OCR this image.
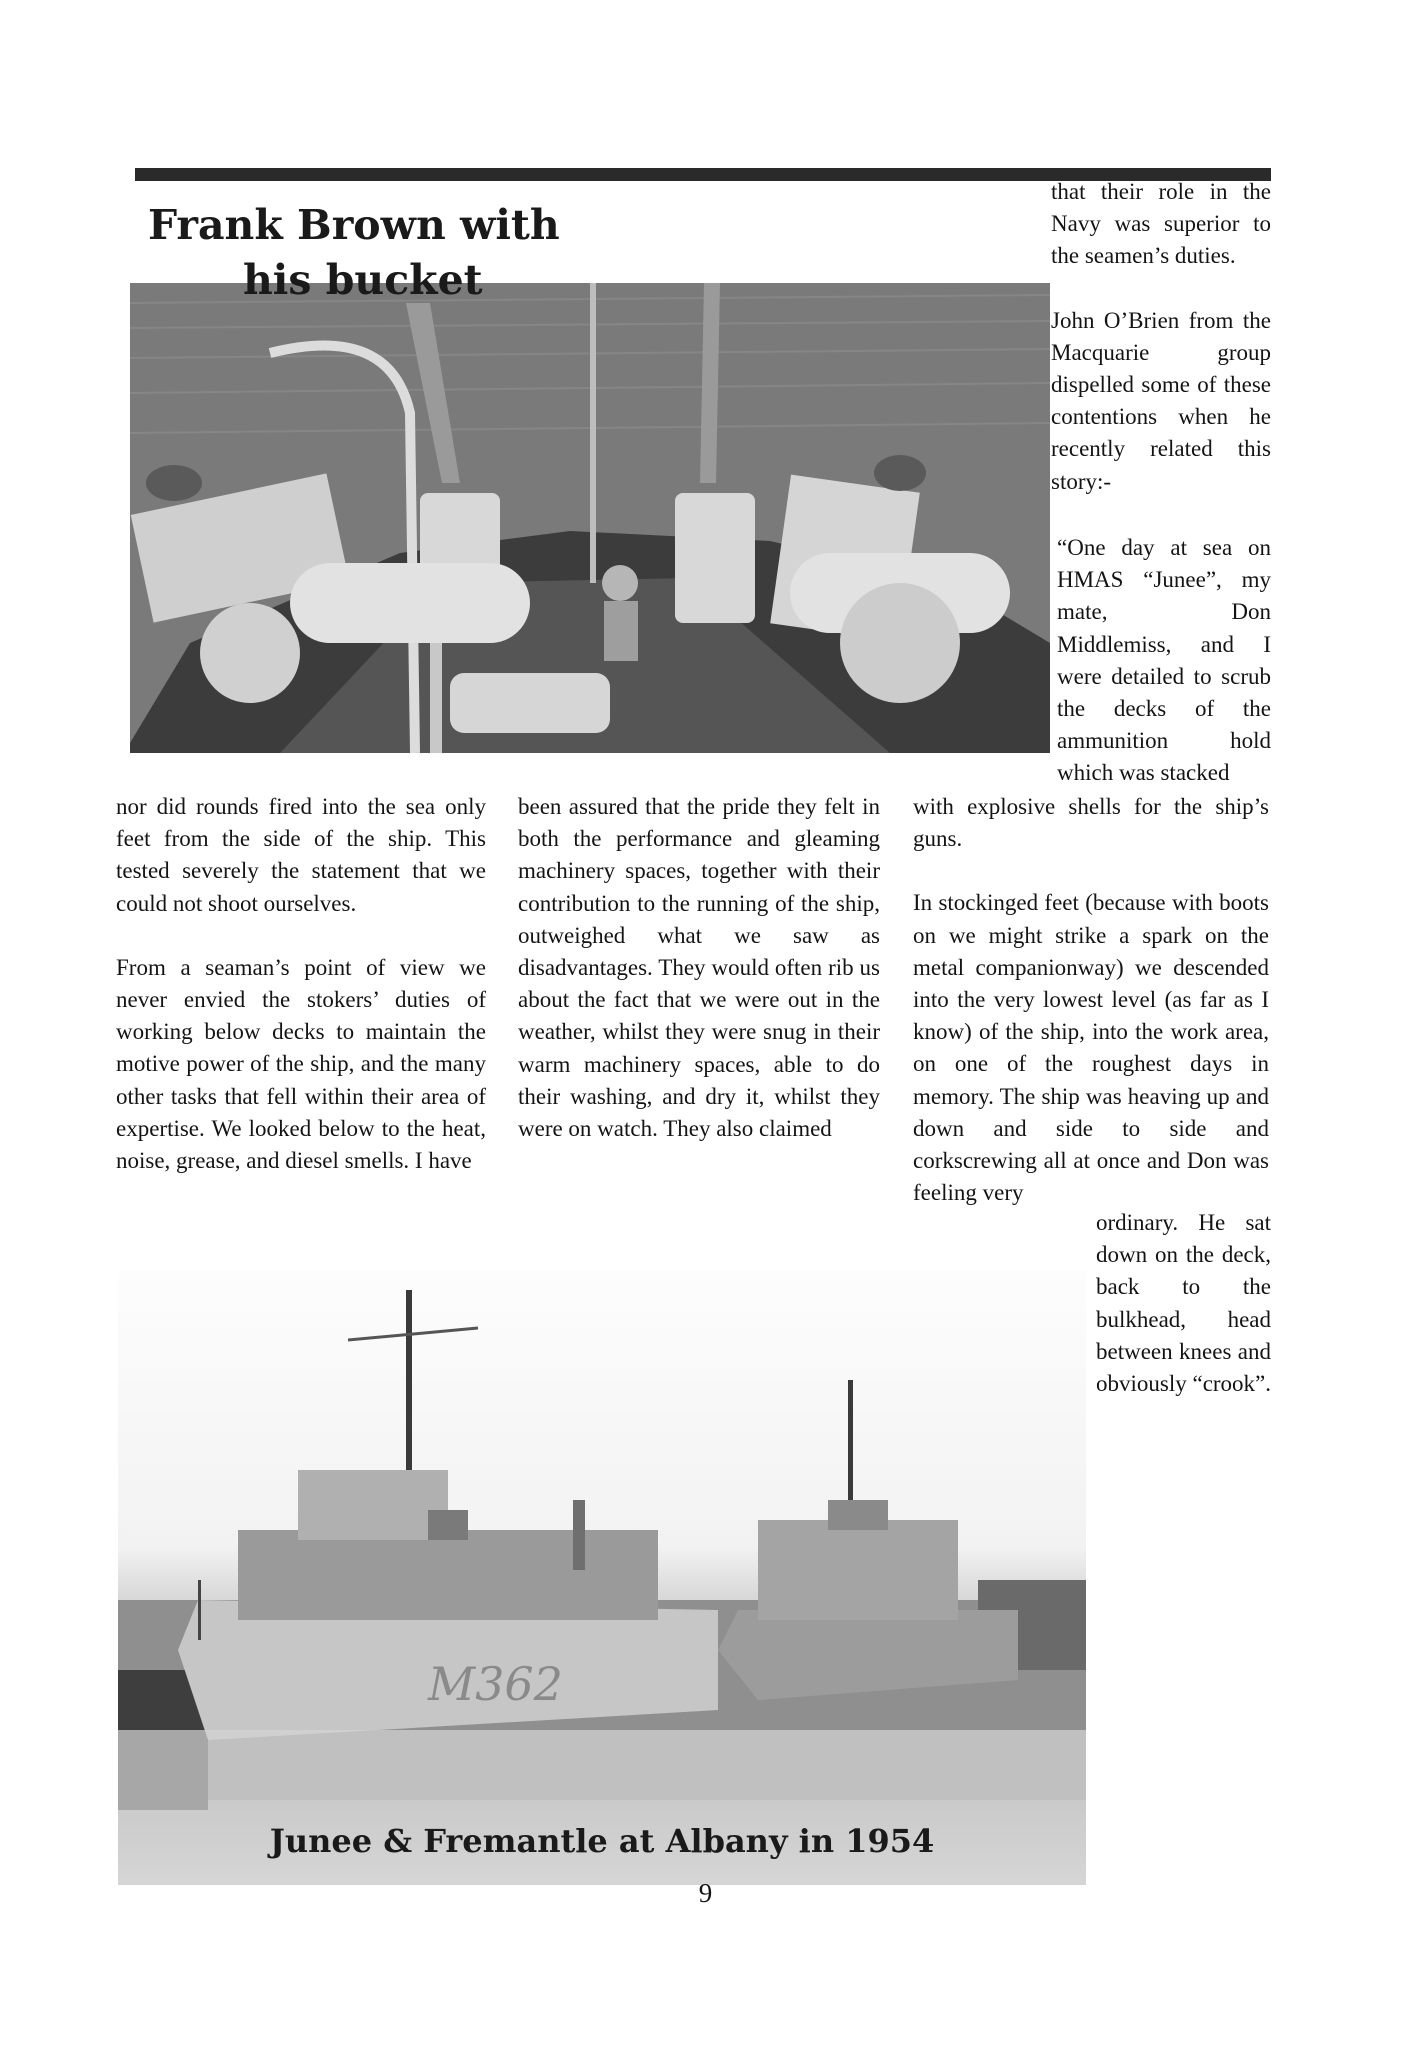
Frank Brown with
his bucket

that their role in the Navy was superior to the seamen’s duties.

John O’Brien from the Macquarie group dispelled some of these contentions when he recently related this story:-

“One day at sea on HMAS “Junee”, my mate, Don Middlemiss, and I were detailed to scrub the decks of the ammunition hold which was stacked

nor did rounds fired into the sea only feet from the side of the ship. This tested severely the statement that we could not shoot ourselves.

From a seaman’s point of view we never envied the stokers’ duties of working below decks to maintain the motive power of the ship, and the many other tasks that fell within their area of expertise. We looked below to the heat, noise, grease, and diesel smells. I have

been assured that the pride they felt in both the performance and gleaming machinery spaces, together with their contribution to the running of the ship, outweighed what we saw as disadvantages. They would often rib us about the fact that we were out in the weather, whilst they were snug in their warm machinery spaces, able to do their washing, and dry it, whilst they were on watch. They also claimed

with explosive shells for the ship’s guns.

In stockinged feet (because with boots on we might strike a spark on the metal companionway) we descended into the very lowest level (as far as I know) of the ship, into the work area, on one of the roughest days in memory. The ship was heaving up and down and side to side and corkscrewing all at once and Don was feeling very

ordinary. He sat down on the deck, back to the bulkhead, head between knees and obviously “crook”.

M362
Junee & Fremantle at Albany in 1954
9
